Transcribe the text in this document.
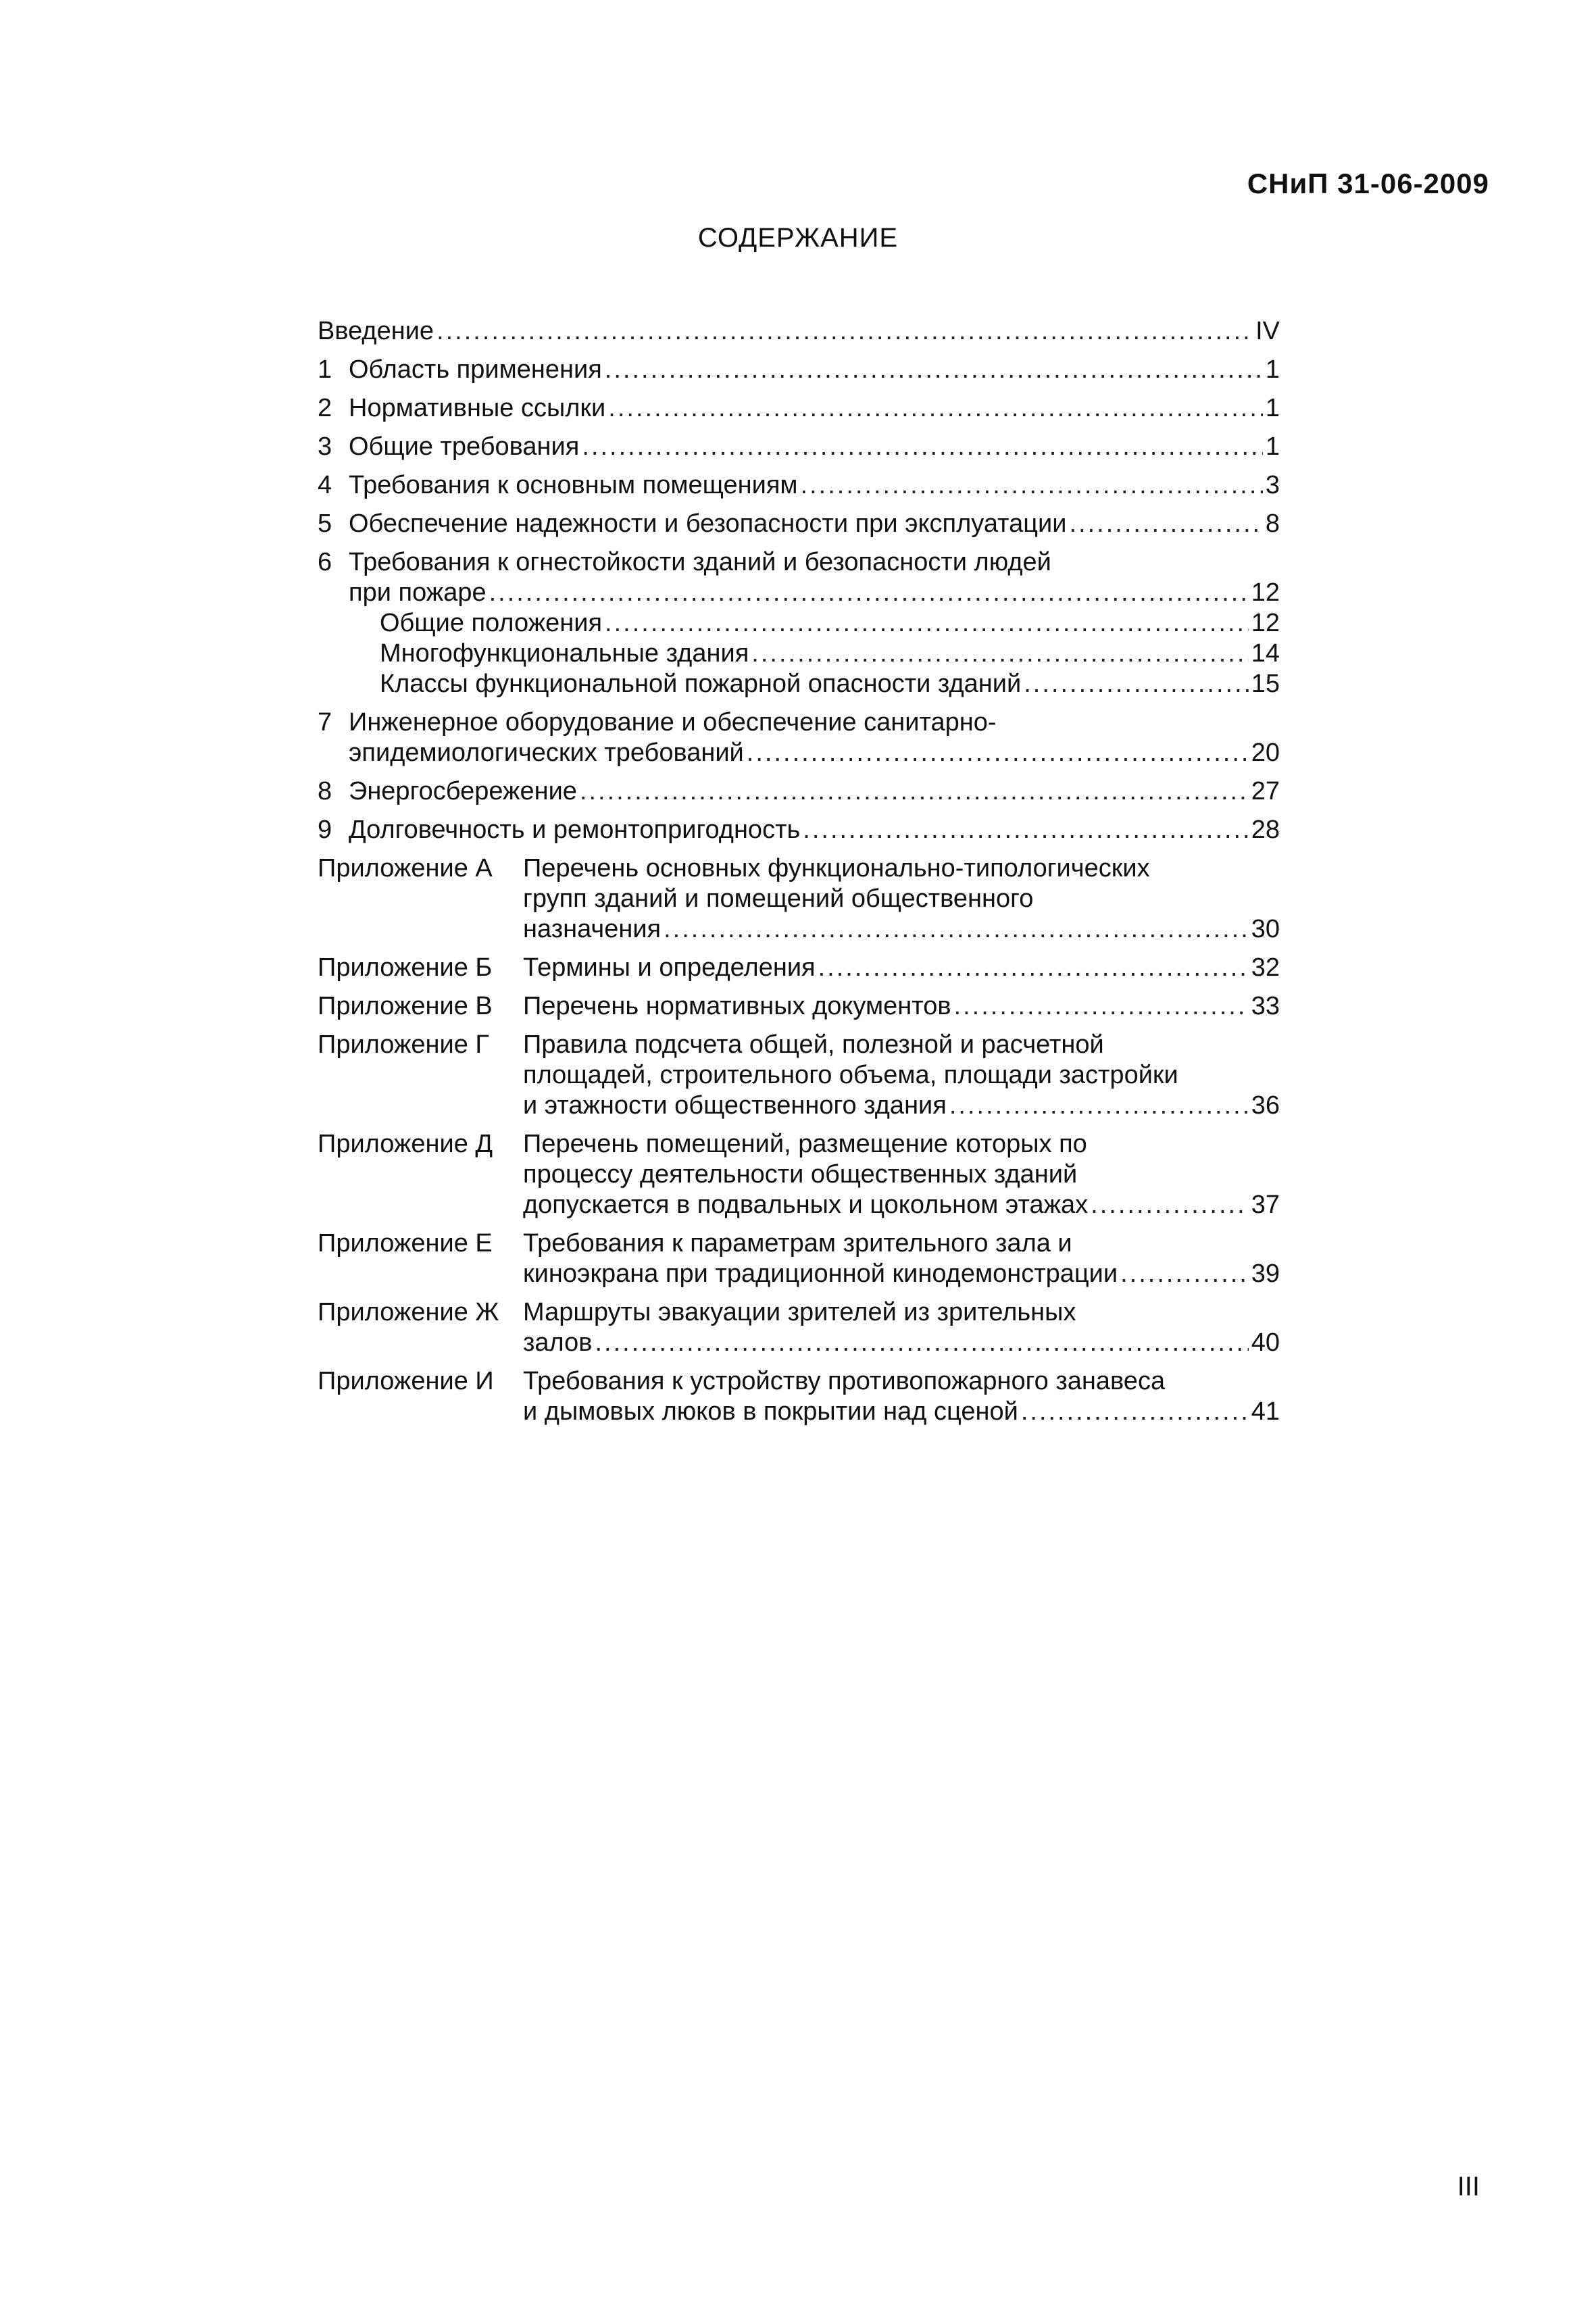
СНиП 31-06-2009
СОДЕРЖАНИЕ
Введение .....	IV
1 Область применения .....	1
2 Нормативные ссылки .....	1
3 Общие требования .....	1
4 Требования к основным помещениям .....	3
5 Обеспечение надежности и безопасности при эксплуатации .....	8
6 Требования к огнестойкости зданий и безопасности людей
при пожаре .....	12
Общие положения .....	12
Многофункциональные здания .....	14
Классы функциональной пожарной опасности зданий .....	15
7 Инженерное оборудование и обеспечение санитарно-
эпидемиологических требований .....	20
8 Энергосбережение .....	27
9 Долговечность и ремонтопригодность .....	28
Приложение А	Перечень основных функционально-типологических
групп зданий и помещений общественного
назначения .....	30
Приложение Б	Термины и определения .....	32
Приложение В	Перечень нормативных документов .....	33
Приложение Г	Правила подсчета общей, полезной и расчетной
площадей, строительного объема, площади застройки
и этажности общественного здания .....	36
Приложение Д	Перечень помещений, размещение которых по
процессу деятельности общественных зданий
допускается в подвальных и цокольном этажах .....	37
Приложение Е	Требования к параметрам зрительного зала и
киноэкрана при традиционной кинодемонстрации .....	39
Приложение Ж Маршруты эвакуации зрителей из зрительных
залов .....	40
Приложение И	Требования к устройству противопожарного занавеса
и дымовых люков в покрытии над сценой .....	41
III
